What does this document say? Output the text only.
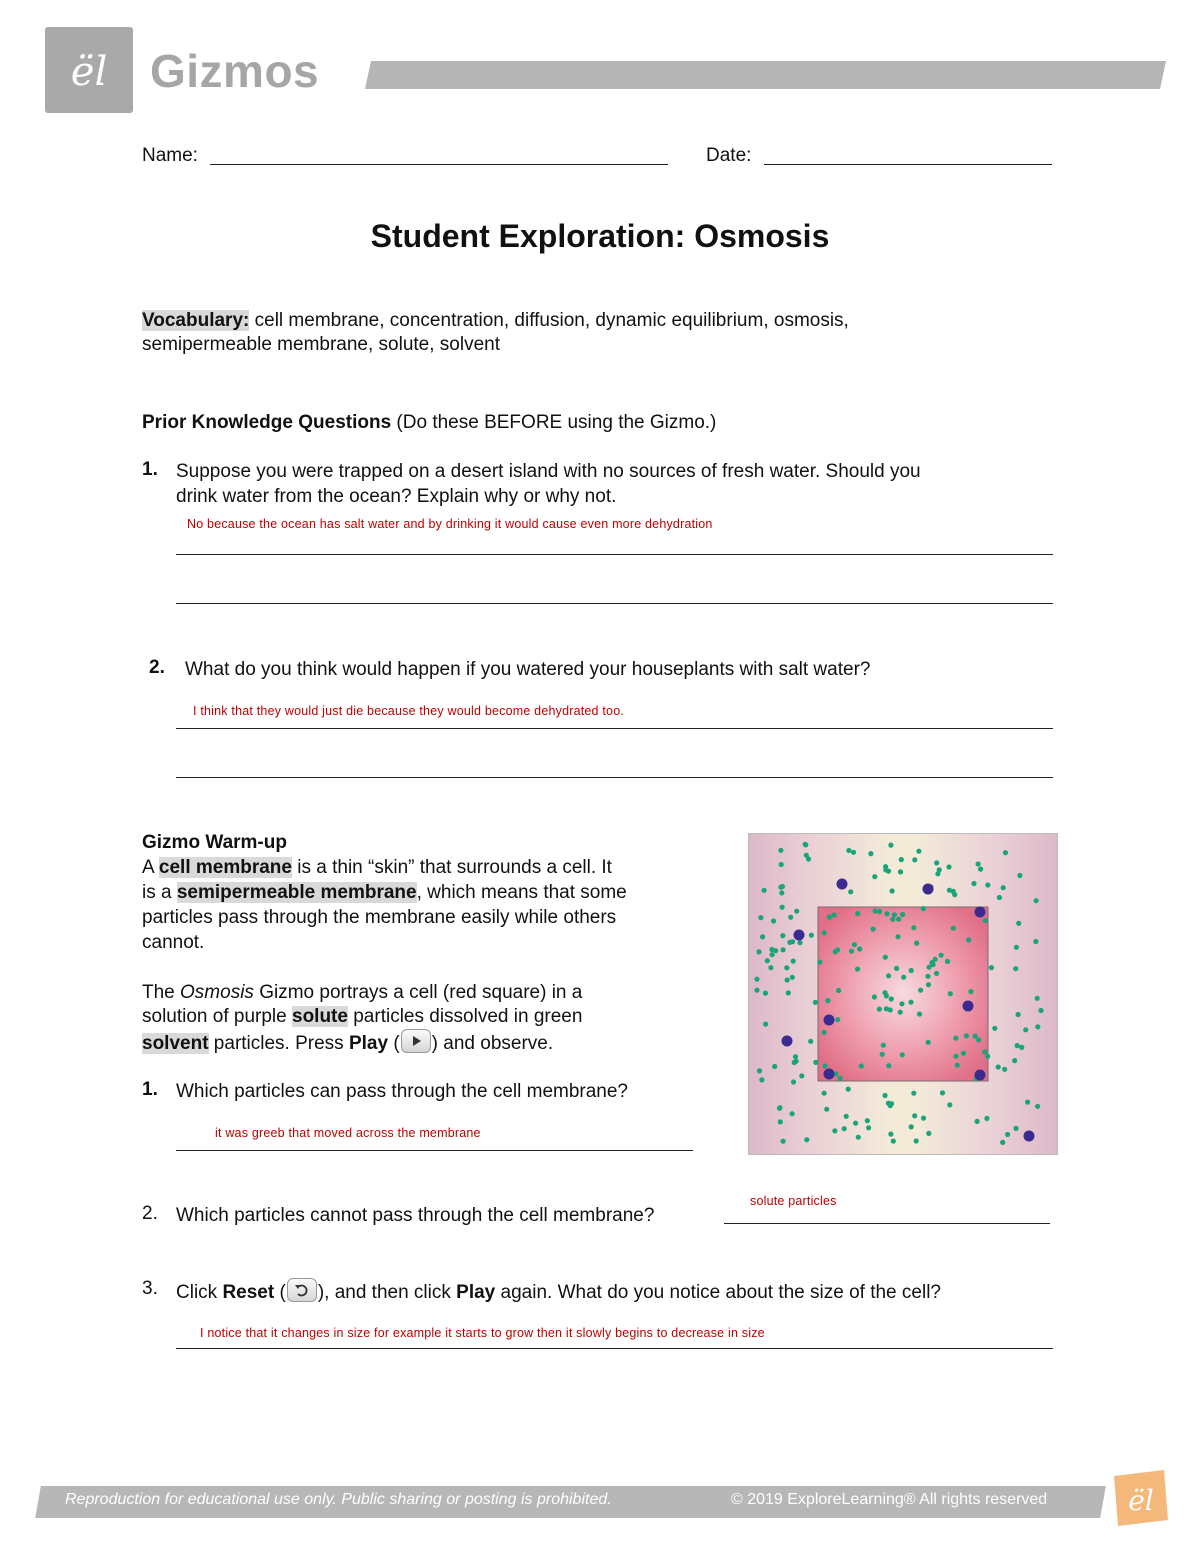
ël Gizmos
Name:	Date:
Student Exploration: Osmosis
Vocabulary: cell membrane, concentration, diffusion, dynamic equilibrium, osmosis,
semipermeable membrane, solute, solvent
Prior Knowledge Questions (Do these BEFORE using the Gizmo.)
1. Suppose you were trapped on a desert island with no sources of fresh water. Should you
drink water from the ocean? Explain why or why not.
No because the ocean has salt water and by drinking it would cause even more dehydration
2. What do you think would happen if you watered your houseplants with salt water?
I think that they would just die because they would become dehydrated too.
Gizmo Warm-up
A cell membrane is a thin “skin” that surrounds a cell. It
is a semipermeable membrane, which means that some
particles pass through the membrane easily while others
cannot.
The Osmosis Gizmo portrays a cell (red square) in a
solution of purple solute particles dissolved in green
solvent particles. Press Play ( ) and observe.
1. Which particles can pass through the cell membrane?
it was greeb that moved across the membrane
2. Which particles cannot pass through the cell membrane?
solute particles
3. Click Reset ( ), and then click Play again. What do you notice about the size of the cell?
I notice that it changes in size for example it starts to grow then it slowly begins to decrease in size
Reproduction for educational use only. Public sharing or posting is prohibited.	© 2019 ExploreLearning® All rights reserved	ël
